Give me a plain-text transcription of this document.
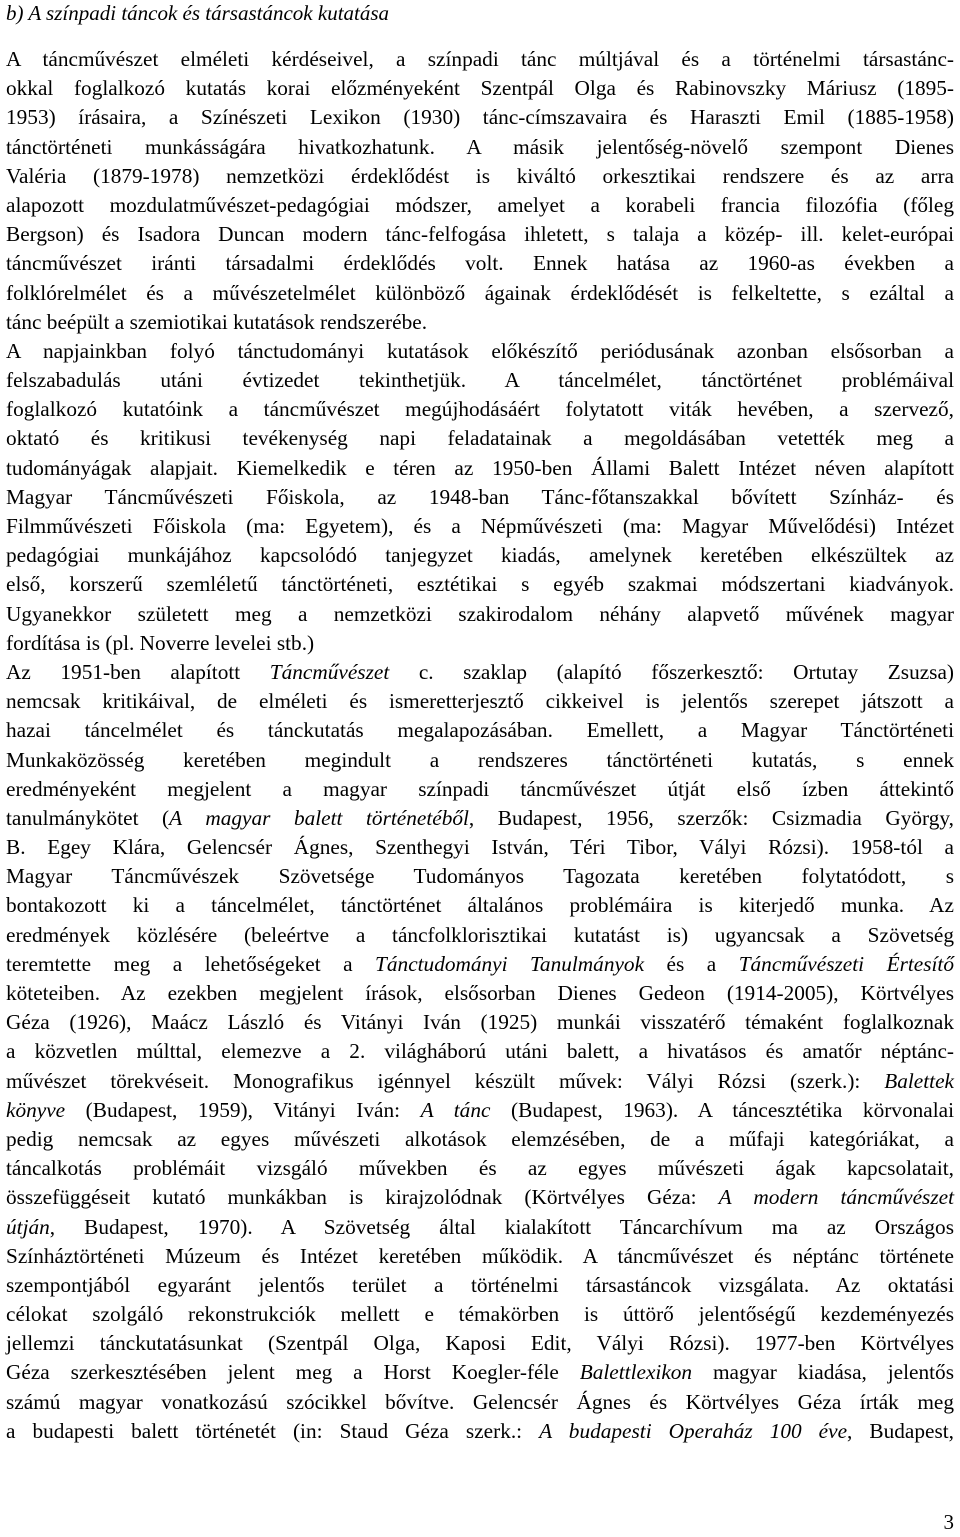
b) A színpadi táncok és társastáncok kutatása
A táncművészet elméleti kérdéseivel, a színpadi tánc múltjával és a történelmi társastánc-
okkal foglalkozó kutatás korai előzményeként Szentpál Olga és Rabinovszky Máriusz (1895-
1953) írásaira, a Színészeti Lexikon (1930) tánc-címszavaira és Haraszti Emil (1885-1958)
tánctörténeti munkásságára hivatkozhatunk. A másik jelentőség-növelő szempont Dienes
Valéria (1879-1978) nemzetközi érdeklődést is kiváltó orkesztikai rendszere és az arra
alapozott mozdulatművészet-pedagógiai módszer, amelyet a korabeli francia filozófia (főleg
Bergson) és Isadora Duncan modern tánc-felfogása ihletett, s talaja a közép- ill. kelet-európai
táncművészet iránti társadalmi érdeklődés volt. Ennek hatása az 1960-as években a
folklórelmélet és a művészetelmélet különböző ágainak érdeklődését is felkeltette, s ezáltal a
tánc beépült a szemiotikai kutatások rendszerébe.
A napjainkban folyó tánctudományi kutatások előkészítő periódusának azonban elsősorban a
felszabadulás utáni évtizedet tekinthetjük. A táncelmélet, tánctörténet problémáival
foglalkozó kutatóink a táncművészet megújhodásáért folytatott viták hevében, a szervező,
oktató és kritikusi tevékenység napi feladatainak a megoldásában vetették meg a
tudományágak alapjait. Kiemelkedik e téren az 1950-ben Állami Balett Intézet néven alapított
Magyar Táncművészeti Főiskola, az 1948-ban Tánc-főtanszakkal bővített Színház- és
Filmművészeti Főiskola (ma: Egyetem), és a Népművészeti (ma: Magyar Művelődési) Intézet
pedagógiai munkájához kapcsolódó tanjegyzet kiadás, amelynek keretében elkészültek az
első, korszerű szemléletű tánctörténeti, esztétikai s egyéb szakmai módszertani kiadványok.
Ugyanekkor született meg a nemzetközi szakirodalom néhány alapvető művének magyar
fordítása is (pl. Noverre levelei stb.)
Az 1951-ben alapított Táncművészet c. szaklap (alapító főszerkesztő: Ortutay Zsuzsa)
nemcsak kritikáival, de elméleti és ismeretterjesztő cikkeivel is jelentős szerepet játszott a
hazai táncelmélet és tánckutatás megalapozásában. Emellett, a Magyar Tánctörténeti
Munkaközösség keretében megindult a rendszeres tánctörténeti kutatás, s ennek
eredményeként megjelent a magyar színpadi táncművészet útját első ízben áttekintő
tanulmánykötet (A magyar balett történetéből, Budapest, 1956, szerzők: Csizmadia György,
B. Egey Klára, Gelencsér Ágnes, Szenthegyi István, Téri Tibor, Vályi Rózsi). 1958-tól a
Magyar Táncművészek Szövetsége Tudományos Tagozata keretében folytatódott, s
bontakozott ki a táncelmélet, tánctörténet általános problémáira is kiterjedő munka. Az
eredmények közlésére (beleértve a táncfolklorisztikai kutatást is) ugyancsak a Szövetség
teremtette meg a lehetőségeket a Tánctudományi Tanulmányok és a Táncművészeti Értesítő
köteteiben. Az ezekben megjelent írások, elsősorban Dienes Gedeon (1914-2005), Körtvélyes
Géza (1926), Maácz László és Vitányi Iván (1925) munkái visszatérő témaként foglalkoznak
a közvetlen múlttal, elemezve a 2. világháború utáni balett, a hivatásos és amatőr néptánc-
művészet törekvéseit. Monografikus igénnyel készült művek: Vályi Rózsi (szerk.): Balettek
könyve (Budapest, 1959), Vitányi Iván: A tánc (Budapest, 1963). A táncesztétika körvonalai
pedig nemcsak az egyes művészeti alkotások elemzésében, de a műfaji kategóriákat, a
táncalkotás problémáit vizsgáló művekben és az egyes művészeti ágak kapcsolatait,
összefüggéseit kutató munkákban is kirajzolódnak (Körtvélyes Géza: A modern táncművészet
útján, Budapest, 1970). A Szövetség által kialakított Táncarchívum ma az Országos
Színháztörténeti Múzeum és Intézet keretében működik. A táncművészet és néptánc története
szempontjából egyaránt jelentős terület a történelmi társastáncok vizsgálata. Az oktatási
célokat szolgáló rekonstrukciók mellett e témakörben is úttörő jelentőségű kezdeményezés
jellemzi tánckutatásunkat (Szentpál Olga, Kaposi Edit, Vályi Rózsi). 1977-ben Körtvélyes
Géza szerkesztésében jelent meg a Horst Koegler-féle Balettlexikon magyar kiadása, jelentős
számú magyar vonatkozású szócikkel bővítve. Gelencsér Ágnes és Körtvélyes Géza írták meg
a budapesti balett történetét (in: Staud Géza szerk.: A budapesti Operaház 100 éve, Budapest,
3
